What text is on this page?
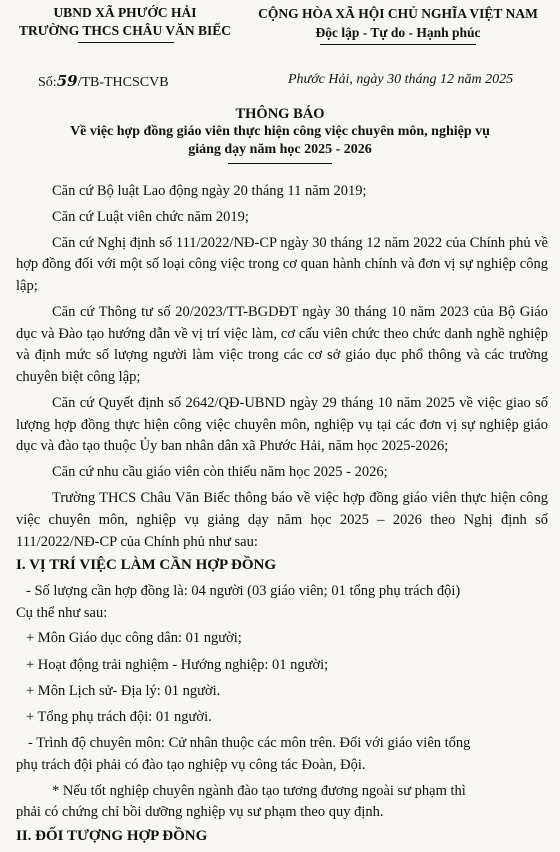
UBND XÃ PHƯỚC HẢI
TRƯỜNG THCS CHÂU VĂN BIẾC
CỘNG HÒA XÃ HỘI CHỦ NGHĨA VIỆT NAM
Độc lập - Tự do - Hạnh phúc
Số:59/TB-THCSCVB	Phước Hải, ngày 30 tháng 12 năm 2025
THÔNG BÁO
Về việc hợp đồng giáo viên thực hiện công việc chuyên môn, nghiệp vụ
giảng dạy năm học 2025 - 2026

Căn cứ Bộ luật Lao động ngày 20 tháng 11 năm 2019;

Căn cứ Luật viên chức năm 2019;

Căn cứ Nghị định số 111/2022/NĐ-CP ngày 30 tháng 12 năm 2022 của Chính phủ về hợp đồng đối với một số loại công việc trong cơ quan hành chính và đơn vị sự nghiệp công lập;

Căn cứ Thông tư số 20/2023/TT-BGDĐT ngày 30 tháng 10 năm 2023 của Bộ Giáo dục và Đào tạo hướng dẫn về vị trí việc làm, cơ cấu viên chức theo chức danh nghề nghiệp và định mức số lượng người làm việc trong các cơ sở giáo dục phổ thông và các trường chuyên biệt công lập;

Căn cứ Quyết định số 2642/QĐ-UBND ngày 29 tháng 10 năm 2025 về việc giao số lượng hợp đồng thực hiện công việc chuyên môn, nghiệp vụ tại các đơn vị sự nghiệp giáo dục và đào tạo thuộc Ủy ban nhân dân xã Phước Hải, năm học 2025-2026;

Căn cứ nhu cầu giáo viên còn thiếu năm học 2025 - 2026;

Trường THCS Châu Văn Biếc thông báo về việc hợp đồng giáo viên thực hiện công việc chuyên môn, nghiệp vụ giảng dạy năm học 2025 – 2026 theo Nghị định số 111/2022/NĐ-CP của Chính phủ như sau:

I. VỊ TRÍ VIỆC LÀM CẦN HỢP ĐỒNG

- Số lượng cần hợp đồng là: 04 người (03 giáo viên; 01 tổng phụ trách đội)

Cụ thể như sau:

+ Môn Giáo dục công dân: 01 người;

+ Hoạt động trải nghiệm - Hướng nghiệp: 01 người;

+ Môn Lịch sử- Địa lý: 01 người.

+ Tổng phụ trách đội: 01 người.

- Trình độ chuyên môn: Cử nhân thuộc các môn trên. Đối với giáo viên tổng

phụ trách đội phải có đào tạo nghiệp vụ công tác Đoàn, Đội.

* Nếu tốt nghiệp chuyên ngành đào tạo tương đương ngoài sư phạm thì

phải có chứng chỉ bồi dưỡng nghiệp vụ sư phạm theo quy định.

II. ĐỐI TƯỢNG HỢP ĐỒNG
